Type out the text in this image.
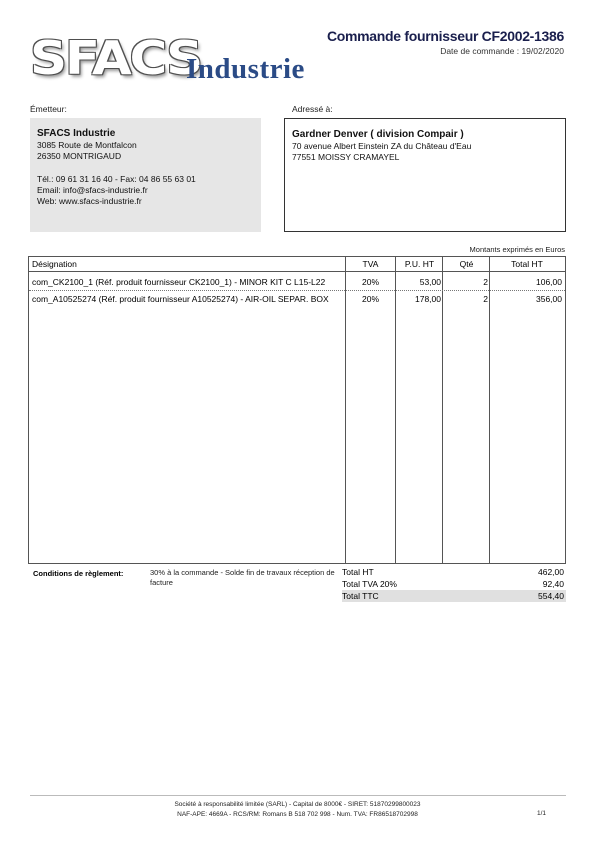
SFACS
Industrie
Commande fournisseur CF2002-1386
Date de commande : 19/02/2020
Émetteur:
SFACS Industrie
3085 Route de Montfalcon
26350 MONTRIGAUD
Tél.: 09 61 31 16 40 - Fax: 04 86 55 63 01
Email: info@sfacs-industrie.fr
Web: www.sfacs-industrie.fr
Adressé à:
Gardner Denver ( division Compair )
70 avenue Albert Einstein ZA du Château d'Eau
77551 MOISSY CRAMAYEL
Montants exprimés en Euros
Désignation	TVA	P.U. HT	Qté	Total HT
com_CK2100_1 (Réf. produit fournisseur CK2100_1) - MINOR KIT C L15-L22	20%	53,00	2	106,00
com_A10525274 (Réf. produit fournisseur A10525274) - AIR-OIL SEPAR. BOX	20%	178,00	2	356,00
Conditions de règlement:	30% à la commande - Solde fin de travaux réception de facture
Total HT	462,00
Total TVA 20%	92,40
Total TTC	554,40
Société à responsabilité limitée (SARL) - Capital de 8000€ - SIRET: 51870299800023
NAF-APE: 4669A - RCS/RM: Romans B 518 702 998 - Num. TVA: FR86518702998	1/1
